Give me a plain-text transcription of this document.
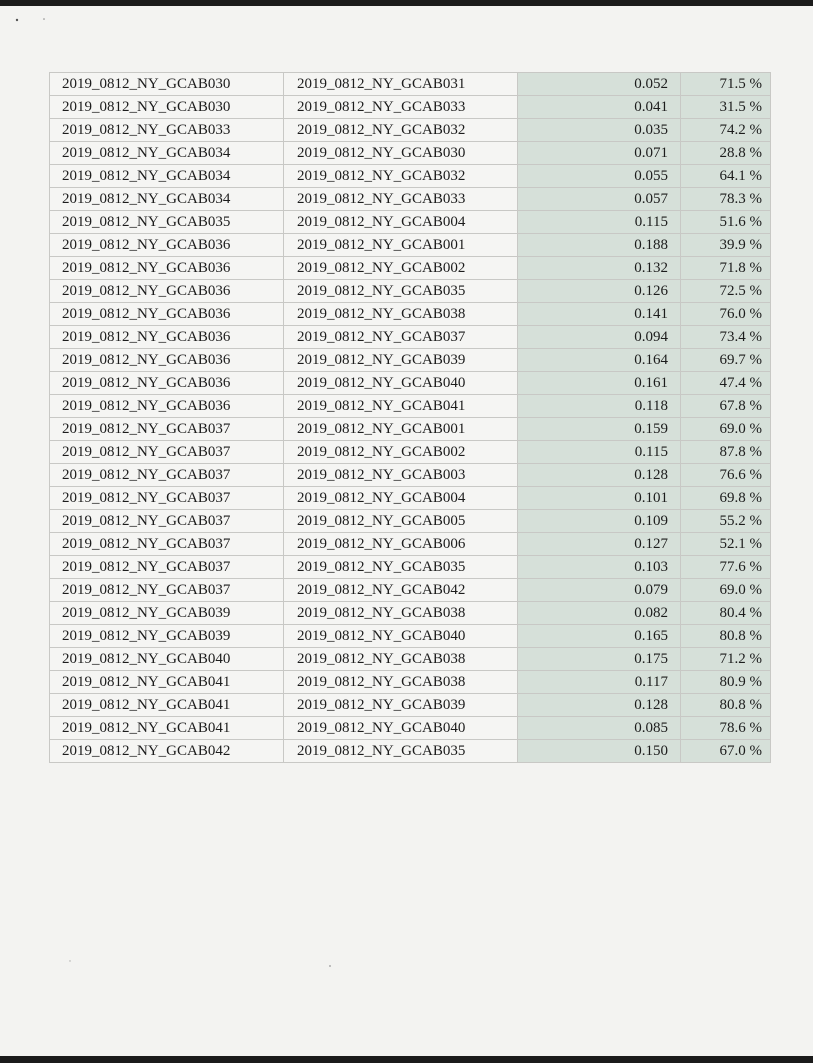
2019_0812_NY_GCAB030	2019_0812_NY_GCAB031	0.052	71.5 %
2019_0812_NY_GCAB030	2019_0812_NY_GCAB033	0.041	31.5 %
2019_0812_NY_GCAB033	2019_0812_NY_GCAB032	0.035	74.2 %
2019_0812_NY_GCAB034	2019_0812_NY_GCAB030	0.071	28.8 %
2019_0812_NY_GCAB034	2019_0812_NY_GCAB032	0.055	64.1 %
2019_0812_NY_GCAB034	2019_0812_NY_GCAB033	0.057	78.3 %
2019_0812_NY_GCAB035	2019_0812_NY_GCAB004	0.115	51.6 %
2019_0812_NY_GCAB036	2019_0812_NY_GCAB001	0.188	39.9 %
2019_0812_NY_GCAB036	2019_0812_NY_GCAB002	0.132	71.8 %
2019_0812_NY_GCAB036	2019_0812_NY_GCAB035	0.126	72.5 %
2019_0812_NY_GCAB036	2019_0812_NY_GCAB038	0.141	76.0 %
2019_0812_NY_GCAB036	2019_0812_NY_GCAB037	0.094	73.4 %
2019_0812_NY_GCAB036	2019_0812_NY_GCAB039	0.164	69.7 %
2019_0812_NY_GCAB036	2019_0812_NY_GCAB040	0.161	47.4 %
2019_0812_NY_GCAB036	2019_0812_NY_GCAB041	0.118	67.8 %
2019_0812_NY_GCAB037	2019_0812_NY_GCAB001	0.159	69.0 %
2019_0812_NY_GCAB037	2019_0812_NY_GCAB002	0.115	87.8 %
2019_0812_NY_GCAB037	2019_0812_NY_GCAB003	0.128	76.6 %
2019_0812_NY_GCAB037	2019_0812_NY_GCAB004	0.101	69.8 %
2019_0812_NY_GCAB037	2019_0812_NY_GCAB005	0.109	55.2 %
2019_0812_NY_GCAB037	2019_0812_NY_GCAB006	0.127	52.1 %
2019_0812_NY_GCAB037	2019_0812_NY_GCAB035	0.103	77.6 %
2019_0812_NY_GCAB037	2019_0812_NY_GCAB042	0.079	69.0 %
2019_0812_NY_GCAB039	2019_0812_NY_GCAB038	0.082	80.4 %
2019_0812_NY_GCAB039	2019_0812_NY_GCAB040	0.165	80.8 %
2019_0812_NY_GCAB040	2019_0812_NY_GCAB038	0.175	71.2 %
2019_0812_NY_GCAB041	2019_0812_NY_GCAB038	0.117	80.9 %
2019_0812_NY_GCAB041	2019_0812_NY_GCAB039	0.128	80.8 %
2019_0812_NY_GCAB041	2019_0812_NY_GCAB040	0.085	78.6 %
2019_0812_NY_GCAB042	2019_0812_NY_GCAB035	0.150	67.0 %
